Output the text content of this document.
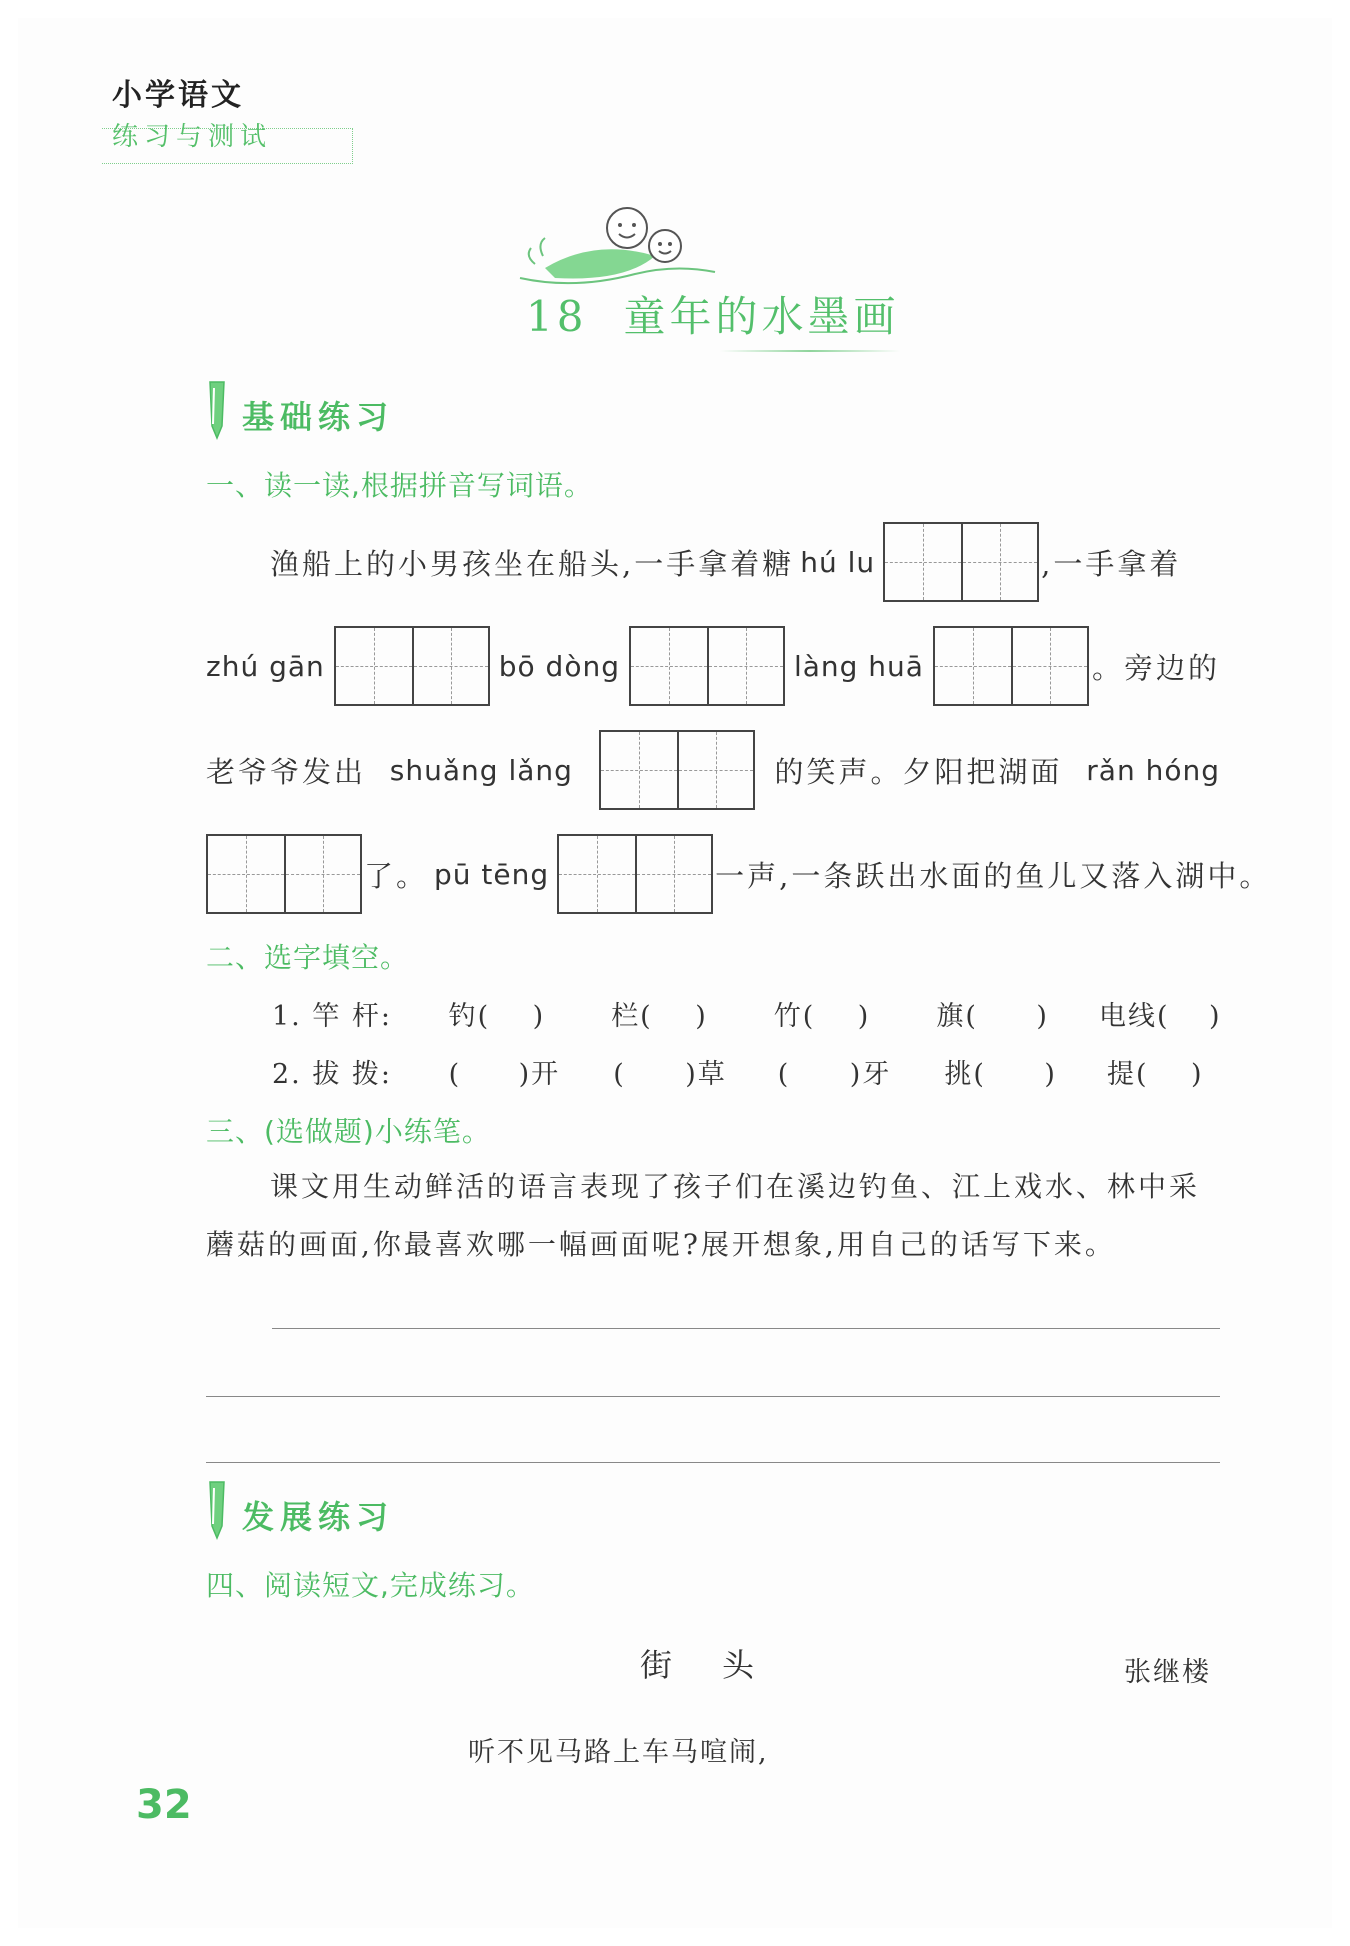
小学语文
练习与测试
18 童年的水墨画
基础练习
一、读一读,根据拼音写词语。
渔船上的小男孩坐在船头,一手拿着糖 hú lu	,一手拿着
zhú gān	bō dòng	làng huā	。旁边的
老爷爷发出 shuǎng lǎng	的笑声。夕阳把湖面 rǎn hóng
了。 pū tēng	一声,一条跃出水面的鱼儿又落入湖中。
二、选字填空。
1. 竿 杆: 钓( ) 栏( ) 竹( ) 旗( ) 电线( )
2. 拔 拨: ( )开 ( )草 ( )牙 挑( ) 提( )
三、(选做题)小练笔。
课文用生动鲜活的语言表现了孩子们在溪边钓鱼、江上戏水、林中采蘑菇的画面,你最喜欢哪一幅画面呢?展开想象,用自己的话写下来。
发展练习
四、阅读短文,完成练习。
街头	张继楼
听不见马路上车马喧闹,
32
